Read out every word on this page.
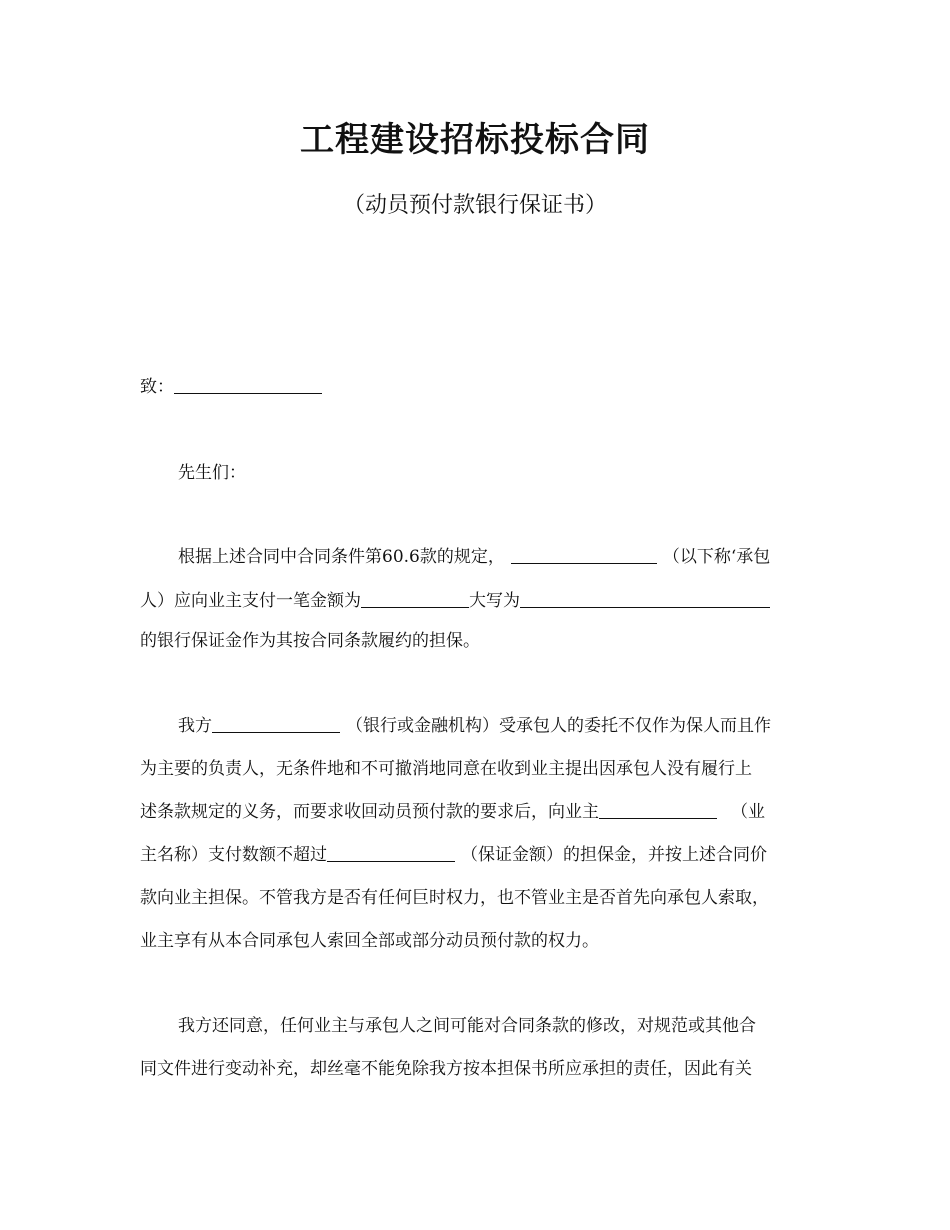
工程建设招标投标合同
（动员预付款银行保证书）
致：
先生们：
根据上述合同中合同条件第60.6款的规定，	（以下称‘承包
人）应向业主支付一笔金额为	大写为
的银行保证金作为其按合同条款履约的担保。
我方	（银行或金融机构）受承包人的委托不仅作为保人而且作
为主要的负责人，无条件地和不可撤消地同意在收到业主提出因承包人没有履行上
述条款规定的义务，而要求收回动员预付款的要求后，向业主	（业
主名称）支付数额不超过	（保证金额）的担保金，并按上述合同价
款向业主担保。不管我方是否有任何巨时权力，也不管业主是否首先向承包人索取，
业主享有从本合同承包人索回全部或部分动员预付款的权力。
我方还同意，任何业主与承包人之间可能对合同条款的修改，对规范或其他合
同文件进行变动补充，却丝毫不能免除我方按本担保书所应承担的责任，因此有关
